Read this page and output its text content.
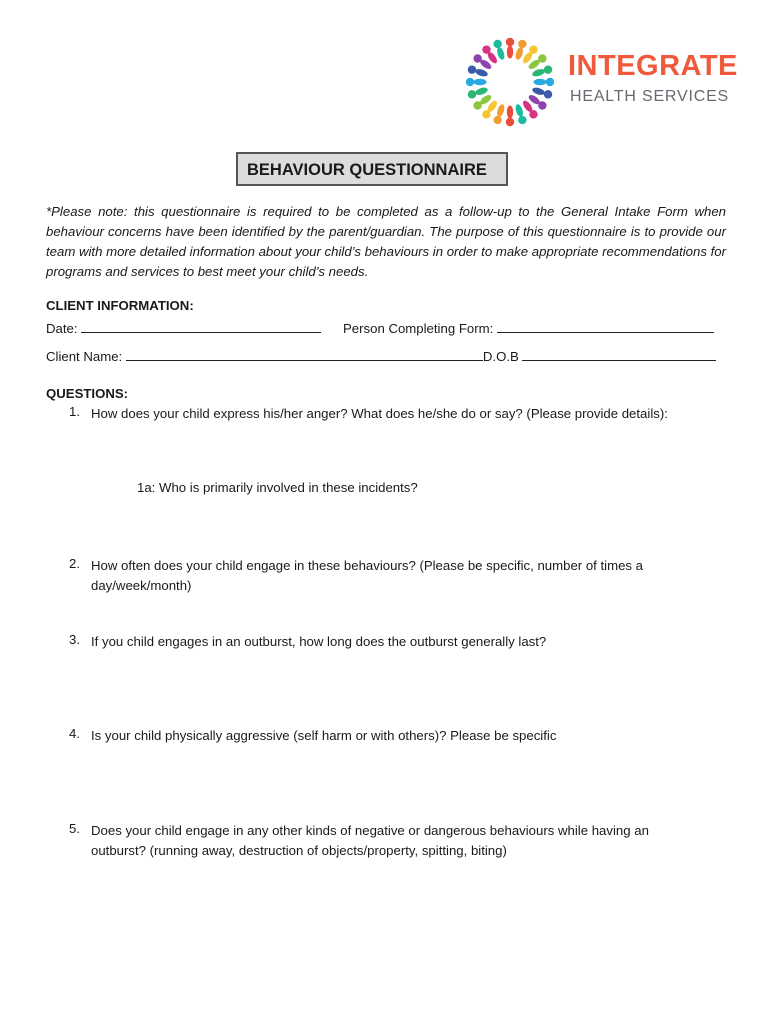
INTEGRATE
HEALTH SERVICES
BEHAVIOUR QUESTIONNAIRE
*Please note: this questionnaire is required to be completed as a follow-up to the General Intake Form when behaviour concerns have been identified by the parent/guardian. The purpose of this questionnaire is to provide our team with more detailed information about your child’s behaviours in order to make appropriate recommendations for programs and services to best meet your child’s needs.
CLIENT INFORMATION:
Date:	Person Completing Form:
Client Name:	D.O.B
QUESTIONS:
1. How does your child express his/her anger? What does he/she do or say? (Please provide details):
1a: Who is primarily involved in these incidents?
2. How often does your child engage in these behaviours? (Please be specific, number of times a day/week/month)
3. If you child engages in an outburst, how long does the outburst generally last?
4. Is your child physically aggressive (self harm or with others)? Please be specific
5. Does your child engage in any other kinds of negative or dangerous behaviours while having an outburst? (running away, destruction of objects/property, spitting, biting)
